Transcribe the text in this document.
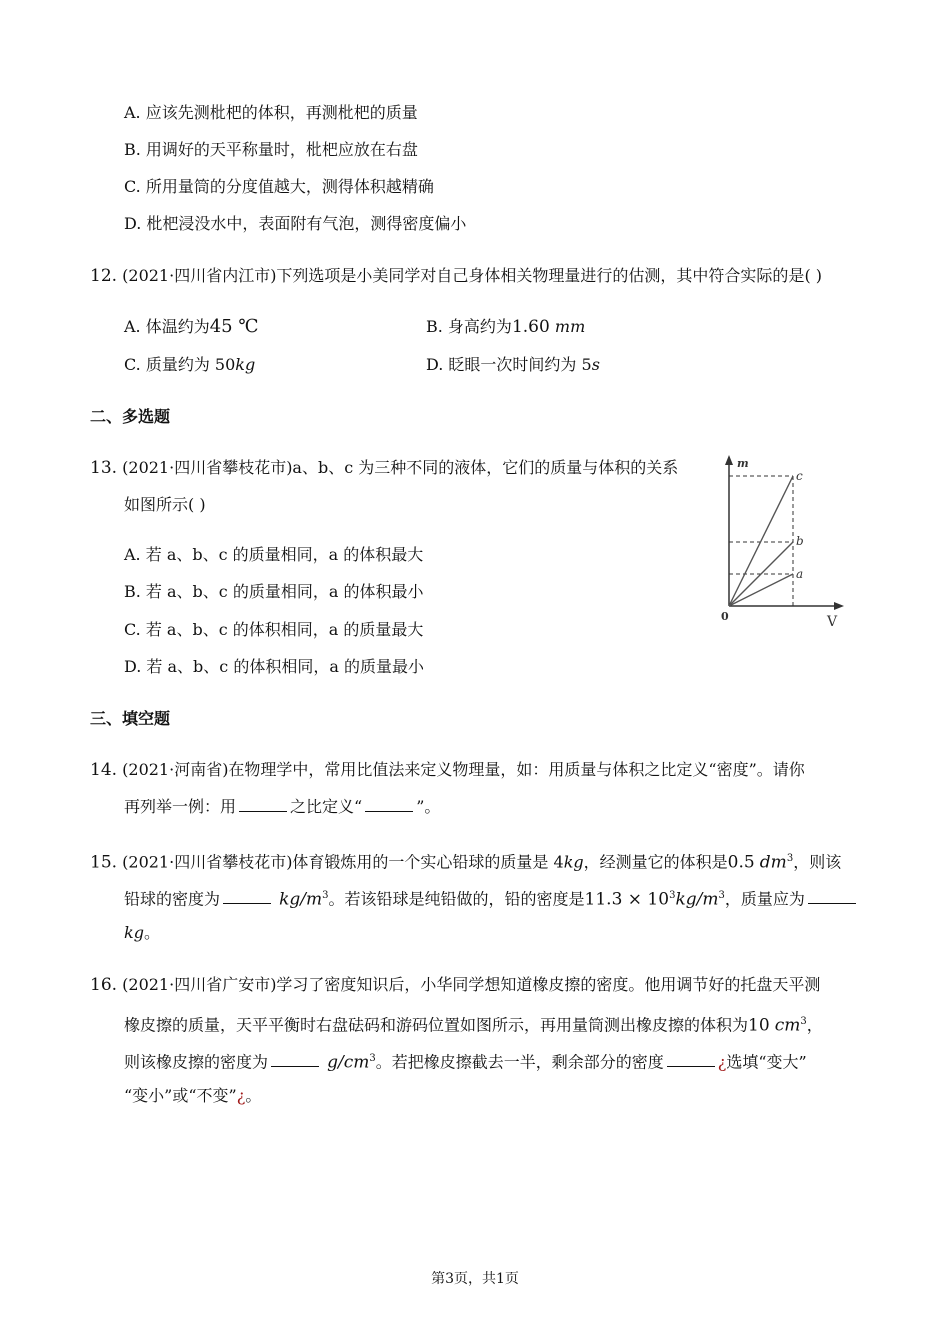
A. 应该先测枇杷的体积，再测枇杷的质量
B. 用调好的天平称量时，枇杷应放在右盘
C. 所用量筒的分度值越大，测得体积越精确
D. 枇杷浸没水中，表面附有气泡，测得密度偏小
12. (2021·四川省内江市)下列选项是小美同学对自己身体相关物理量进行的估测，其中符合实际的是( )
A. 体温约为45 ℃	B. 身高约为1.60 mm
C. 质量约为 50kg	D. 眨眼一次时间约为 5s
二、多选题
13. (2021·四川省攀枝花市)a、b、c 为三种不同的液体，它们的质量与体积的关系
如图所示( )
A. 若 a、b、c 的质量相同，a 的体积最大
B. 若 a、b、c 的质量相同，a 的体积最小
C. 若 a、b、c 的体积相同，a 的质量最大
D. 若 a、b、c 的体积相同，a 的质量最小
m
V
0
c
b
a
三、填空题
14. (2021·河南省)在物理学中，常用比值法来定义物理量，如：用质量与体积之比定义“密度”。请你
再列举一例：用	之比定义“	”。
15. (2021·四川省攀枝花市)体育锻炼用的一个实心铅球的质量是 4kg，经测量它的体积是0.5 $dm^3$，则该
铅球的密度为	$kg/m^3$。若该铅球是纯铅做的，铅的密度是$11.3 \times 10^3kg/m^3$，质量应为
kg。
16. (2021·四川省广安市)学习了密度知识后，小华同学想知道橡皮擦的密度。他用调节好的托盘天平测
橡皮擦的质量，天平平衡时右盘砝码和游码位置如图所示，再用量筒测出橡皮擦的体积为10 $cm^3$，
则该橡皮擦的密度为	$g/cm^3$。若把橡皮擦截去一半，剩余部分的密度	¿选填“变大”
“变小”或“不变”¿。
第3页，共1页
